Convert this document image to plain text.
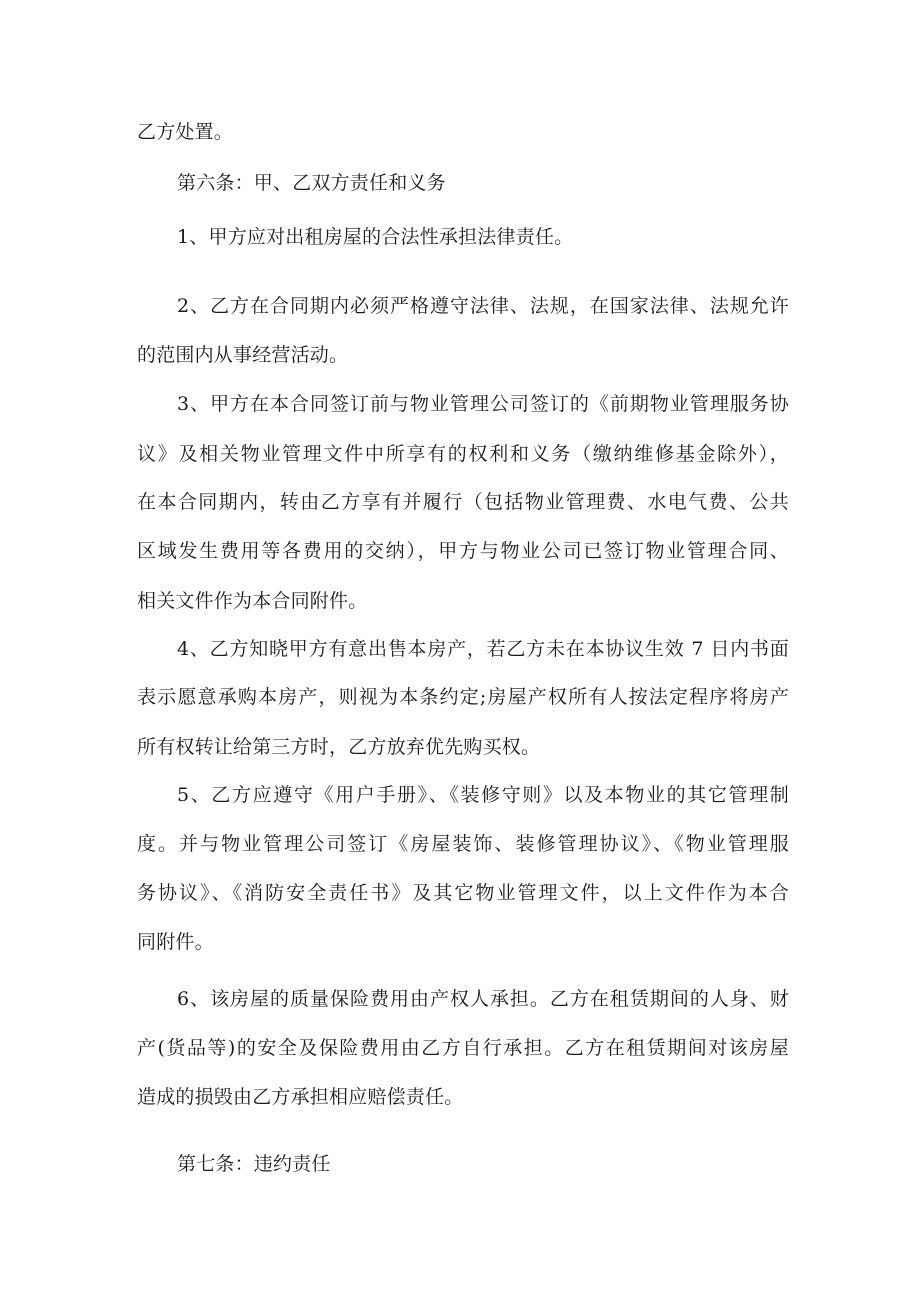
乙方处置。
第六条：甲、乙双方责任和义务
1、甲方应对出租房屋的合法性承担法律责任。
2、乙方在合同期内必须严格遵守法律、法规，在国家法律、法规允许
的范围内从事经营活动。
3、甲方在本合同签订前与物业管理公司签订的《前期物业管理服务协
议》及相关物业管理文件中所享有的权利和义务（缴纳维修基金除外），
在本合同期内，转由乙方享有并履行（包括物业管理费、水电气费、公共
区域发生费用等各费用的交纳），甲方与物业公司已签订物业管理合同、
相关文件作为本合同附件。
4、乙方知晓甲方有意出售本房产，若乙方未在本协议生效 7 日内书面
表示愿意承购本房产，则视为本条约定;房屋产权所有人按法定程序将房产
所有权转让给第三方时，乙方放弃优先购买权。
5、乙方应遵守《用户手册》、《装修守则》以及本物业的其它管理制
度。并与物业管理公司签订《房屋装饰、装修管理协议》、《物业管理服
务协议》、《消防安全责任书》及其它物业管理文件，以上文件作为本合
同附件。
6、该房屋的质量保险费用由产权人承担。乙方在租赁期间的人身、财
产(货品等)的安全及保险费用由乙方自行承担。乙方在租赁期间对该房屋
造成的损毁由乙方承担相应赔偿责任。
第七条：违约责任
